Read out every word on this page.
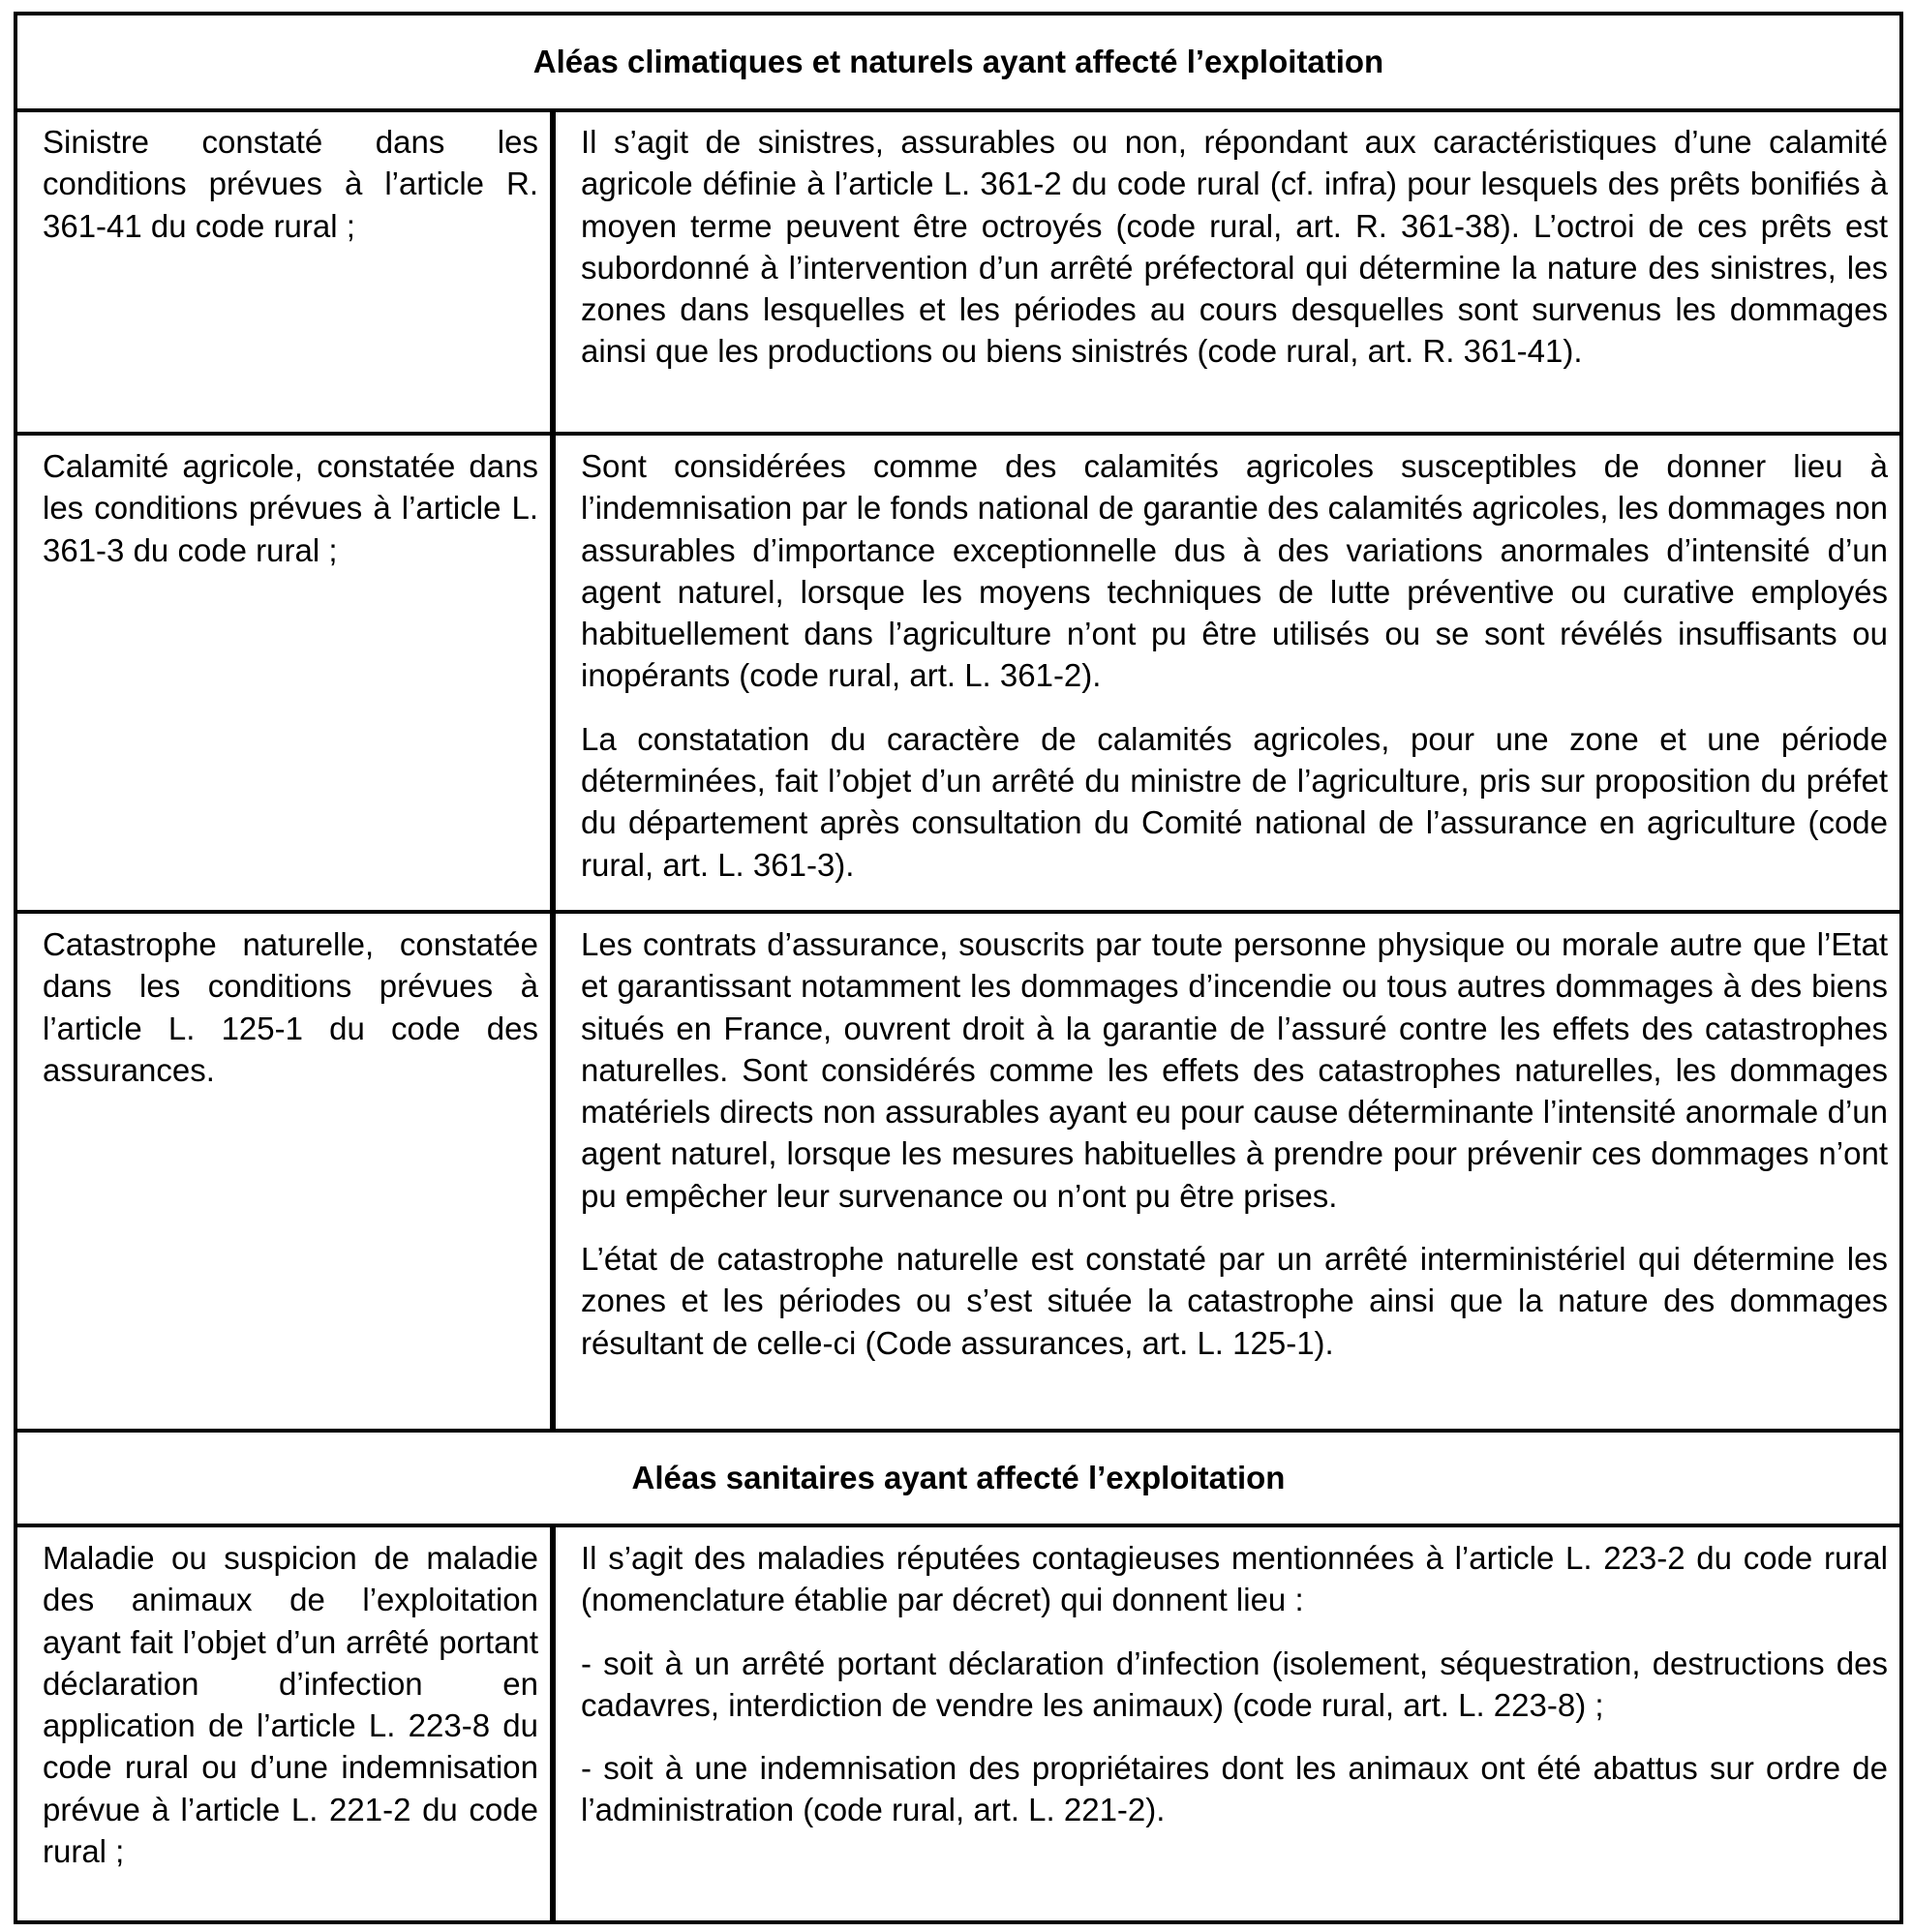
Aléas climatiques et naturels ayant affecté l’exploitation

Sinistre constaté dans les conditions prévues à l’article R. 361-41 du code rural ;

Il s’agit de sinistres, assurables ou non, répondant aux caractéristiques d’une calamité agricole définie à l’article L. 361-2 du code rural (cf. infra) pour lesquels des prêts bonifiés à moyen terme peuvent être octroyés (code rural, art. R. 361-38). L’octroi de ces prêts est subordonné à l’intervention d’un arrêté préfectoral qui détermine la nature des sinistres, les zones dans lesquelles et les périodes au cours desquelles sont survenus les dommages ainsi que les productions ou biens sinistrés (code rural, art. R. 361-41).

Calamité agricole, constatée dans les conditions prévues à l’article L. 361-3 du code rural ;

Sont considérées comme des calamités agricoles susceptibles de donner lieu à l’indemnisation par le fonds national de garantie des calamités agricoles, les dommages non assurables d’importance exceptionnelle dus à des variations anormales d’intensité d’un agent naturel, lorsque les moyens techniques de lutte préventive ou curative employés habituellement dans l’agriculture n’ont pu être utilisés ou se sont révélés insuffisants ou inopérants (code rural, art. L. 361-2).

La constatation du caractère de calamités agricoles, pour une zone et une période déterminées, fait l’objet d’un arrêté du ministre de l’agriculture, pris sur proposition du préfet du département après consultation du Comité national de l’assurance en agriculture (code rural, art. L. 361-3).

Catastrophe naturelle, constatée dans les conditions prévues à l’article L. 125-1 du code des assurances.

Les contrats d’assurance, souscrits par toute personne physique ou morale autre que l’Etat et garantissant notamment les dommages d’incendie ou tous autres dommages à des biens situés en France, ouvrent droit à la garantie de l’assuré contre les effets des catastrophes naturelles. Sont considérés comme les effets des catastrophes naturelles, les dommages matériels directs non assurables ayant eu pour cause déterminante l’intensité anormale d’un agent naturel, lorsque les mesures habituelles à prendre pour prévenir ces dommages n’ont pu empêcher leur survenance ou n’ont pu être prises.

L’état de catastrophe naturelle est constaté par un arrêté interministériel qui détermine les zones et les périodes ou s’est située la catastrophe ainsi que la nature des dommages résultant de celle-ci (Code assurances, art. L. 125-1).

Aléas sanitaires ayant affecté l’exploitation

Maladie ou suspicion de maladie des animaux de l’exploitation ayant fait l’objet d’un arrêté portant déclaration d’infection en application de l’article L. 223-8 du code rural ou d’une indemnisation prévue à l’article L. 221-2 du code rural ;

Il s’agit des maladies réputées contagieuses mentionnées à l’article L. 223-2 du code rural (nomenclature établie par décret) qui donnent lieu :

- soit à un arrêté portant déclaration d’infection (isolement, séquestration, destructions des cadavres, interdiction de vendre les animaux) (code rural, art. L. 223-8) ;

- soit à une indemnisation des propriétaires dont les animaux ont été abattus sur ordre de l’administration (code rural, art. L. 221-2).
